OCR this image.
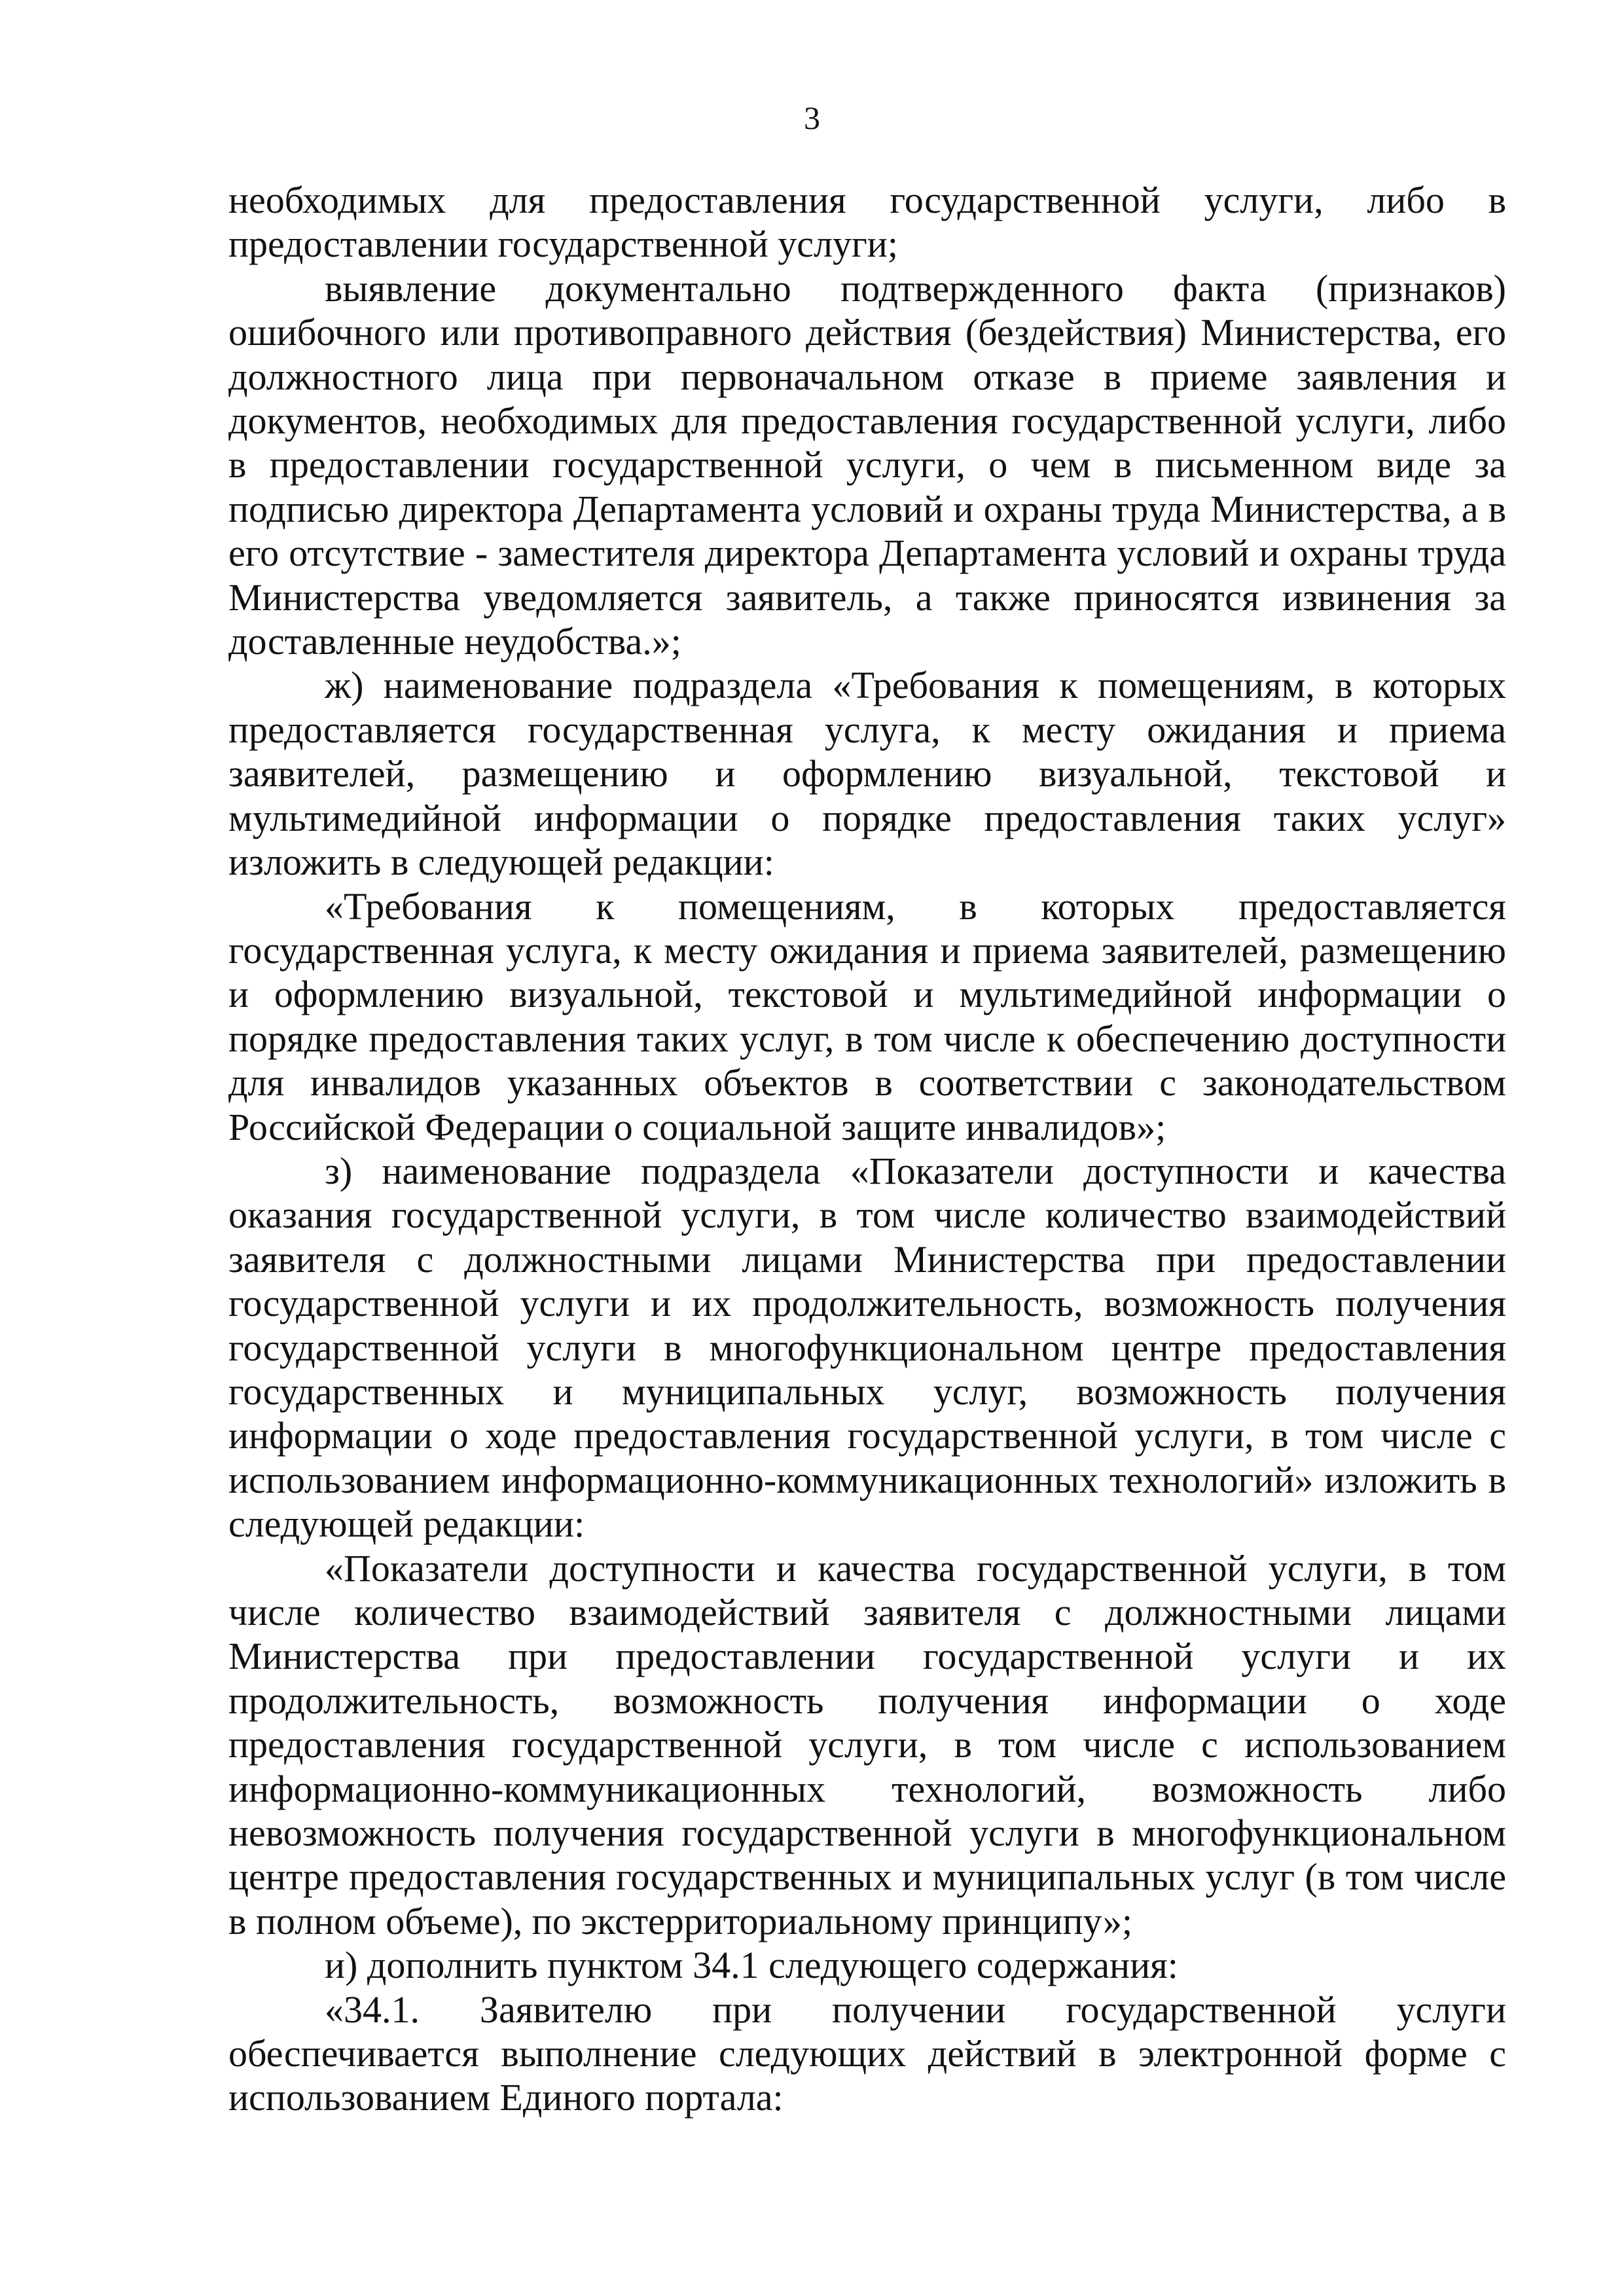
3

необходимых для предоставления государственной услуги, либо в предоставлении государственной услуги;

выявление документально подтвержденного факта (признаков) ошибочного или противоправного действия (бездействия) Министерства, его должностного лица при первоначальном отказе в приеме заявления и документов, необходимых для предоставления государственной услуги, либо в предоставлении государственной услуги, о чем в письменном виде за подписью директора Департамента условий и охраны труда Министерства, а в его отсутствие - заместителя директора Департамента условий и охраны труда Министерства уведомляется заявитель, а также приносятся извинения за доставленные неудобства.»;

ж) наименование подраздела «Требования к помещениям, в которых предоставляется государственная услуга, к месту ожидания и приема заявителей, размещению и оформлению визуальной, текстовой и мультимедийной информации о порядке предоставления таких услуг» изложить в следующей редакции:

«Требования к помещениям, в которых предоставляется государственная услуга, к месту ожидания и приема заявителей, размещению и оформлению визуальной, текстовой и мультимедийной информации о порядке предоставления таких услуг, в том числе к обеспечению доступности для инвалидов указанных объектов в соответствии с законодательством Российской Федерации о социальной защите инвалидов»;

з) наименование подраздела «Показатели доступности и качества оказания государственной услуги, в том числе количество взаимодействий заявителя с должностными лицами Министерства при предоставлении государственной услуги и их продолжительность, возможность получения государственной услуги в многофункциональном центре предоставления государственных и муниципальных услуг, возможность получения информации о ходе предоставления государственной услуги, в том числе с использованием информационно-коммуникационных технологий» изложить в следующей редакции:

«Показатели доступности и качества государственной услуги, в том числе количество взаимодействий заявителя с должностными лицами Министерства при предоставлении государственной услуги и их продолжительность, возможность получения информации о ходе предоставления государственной услуги, в том числе с использованием информационно-коммуникационных технологий, возможность либо невозможность получения государственной услуги в многофункциональном центре предоставления государственных и муниципальных услуг (в том числе в полном объеме), по экстерриториальному принципу»;

и) дополнить пунктом 34.1 следующего содержания:

«34.1. Заявителю при получении государственной услуги обеспечивается выполнение следующих действий в электронной форме с использованием Единого портала:
